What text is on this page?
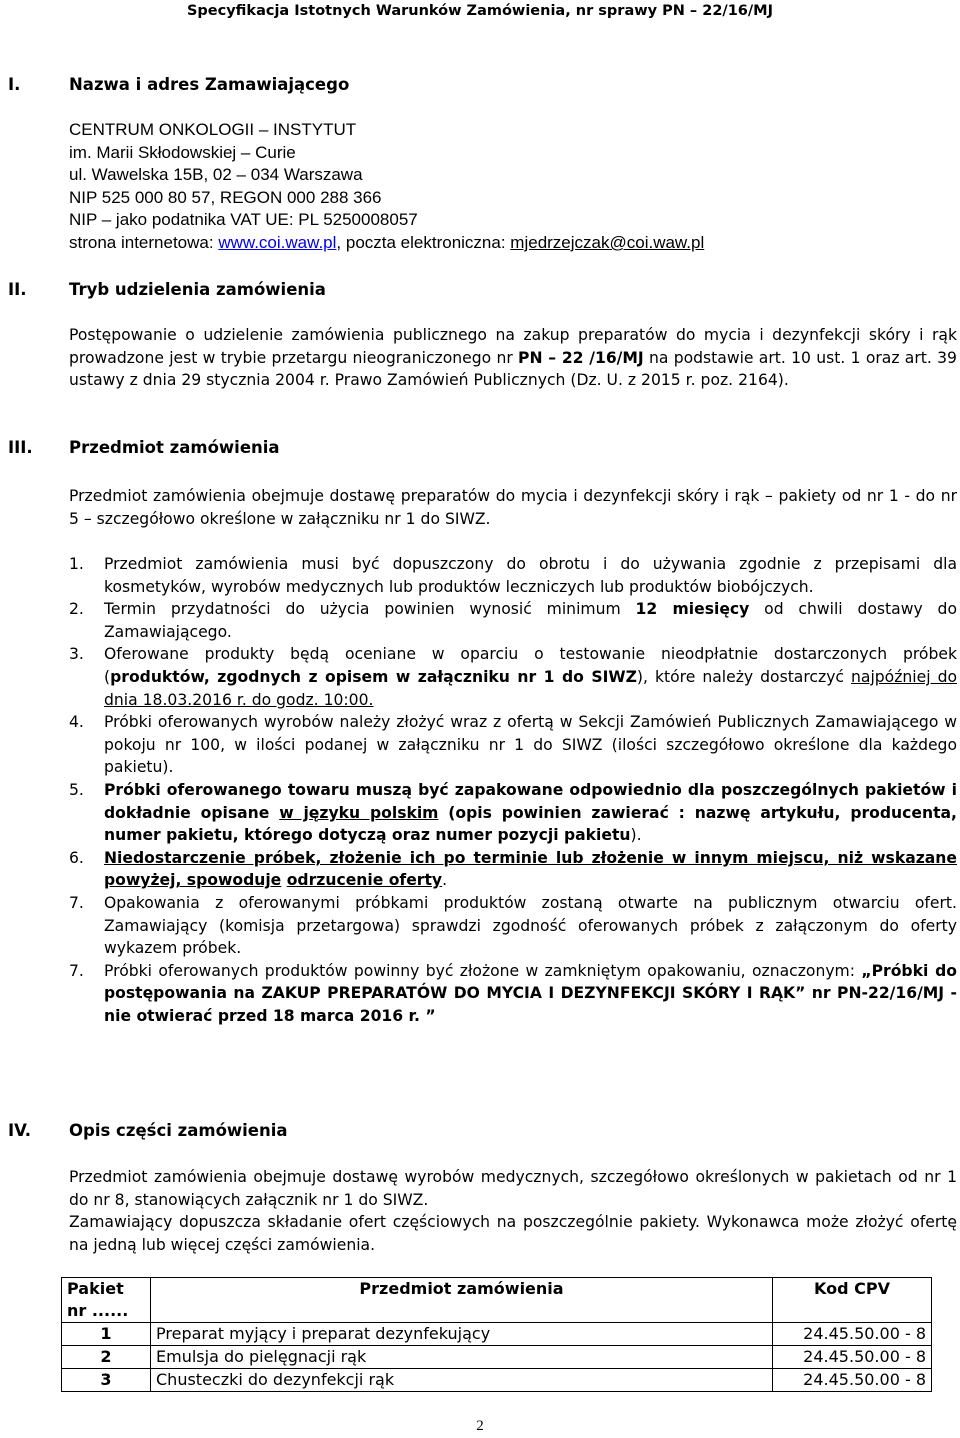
Specyfikacja Istotnych Warunków Zamówienia, nr sprawy PN – 22/16/MJ
I.	Nazwa i adres Zamawiającego
CENTRUM ONKOLOGII – INSTYTUT
im. Marii Skłodowskiej – Curie
ul. Wawelska 15B, 02 – 034 Warszawa
NIP 525 000 80 57, REGON 000 288 366
NIP – jako podatnika VAT UE: PL 5250008057
strona internetowa: www.coi.waw.pl, poczta elektroniczna: mjedrzejczak@coi.waw.pl
II.	Tryb udzielenia zamówienia
Postępowanie o udzielenie zamówienia publicznego na zakup preparatów do mycia i dezynfekcji skóry i rąk prowadzone jest w trybie przetargu nieograniczonego nr PN – 22 /16/MJ na podstawie art. 10 ust. 1 oraz art. 39 ustawy z dnia 29 stycznia 2004 r. Prawo Zamówień Publicznych (Dz. U. z 2015 r. poz. 2164).
III. Przedmiot zamówienia
Przedmiot zamówienia obejmuje dostawę preparatów do mycia i dezynfekcji skóry i rąk – pakiety od nr 1 - do nr 5 – szczegółowo określone w załączniku nr 1 do SIWZ.
1.	Przedmiot zamówienia musi być dopuszczony do obrotu i do używania zgodnie z przepisami dla kosmetyków, wyrobów medycznych lub produktów leczniczych lub produktów biobójczych.
2.	Termin przydatności do użycia powinien wynosić minimum 12 miesięcy od chwili dostawy do Zamawiającego.
3.	Oferowane produkty będą oceniane w oparciu o testowanie nieodpłatnie dostarczonych próbek (produktów, zgodnych z opisem w załączniku nr 1 do SIWZ), które należy dostarczyć najpóźniej do dnia 18.03.2016 r. do godz. 10:00.
4.	Próbki oferowanych wyrobów należy złożyć wraz z ofertą w Sekcji Zamówień Publicznych Zamawiającego w pokoju nr 100, w ilości podanej w załączniku nr 1 do SIWZ (ilości szczegółowo określone dla każdego pakietu).
5.	Próbki oferowanego towaru muszą być zapakowane odpowiednio dla poszczególnych pakietów i dokładnie opisane w języku polskim (opis powinien zawierać : nazwę artykułu, producenta, numer pakietu, którego dotyczą oraz numer pozycji pakietu).
6.	Niedostarczenie próbek, złożenie ich po terminie lub złożenie w innym miejscu, niż wskazane powyżej, spowoduje odrzucenie oferty.
7.	Opakowania z oferowanymi próbkami produktów zostaną otwarte na publicznym otwarciu ofert. Zamawiający (komisja przetargowa) sprawdzi zgodność oferowanych próbek z załączonym do oferty wykazem próbek.
7.	Próbki oferowanych produktów powinny być złożone w zamkniętym opakowaniu, oznaczonym: „Próbki do postępowania na ZAKUP PREPARATÓW DO MYCIA I DEZYNFEKCJI SKÓRY I RĄK” nr PN-22/16/MJ - nie otwierać przed 18 marca 2016 r. ”
IV. Opis części zamówienia
Przedmiot zamówienia obejmuje dostawę wyrobów medycznych, szczegółowo określonych w pakietach od nr 1 do nr 8, stanowiących załącznik nr 1 do SIWZ.
Zamawiający dopuszcza składanie ofert częściowych na poszczególnie pakiety. Wykonawca może złożyć ofertę na jedną lub więcej części zamówienia.
Pakiet nr ......	Przedmiot zamówienia	Kod CPV
1	Preparat myjący i preparat dezynfekujący	24.45.50.00 - 8
2	Emulsja do pielęgnacji rąk	24.45.50.00 - 8
3	Chusteczki do dezynfekcji rąk	24.45.50.00 - 8
2
